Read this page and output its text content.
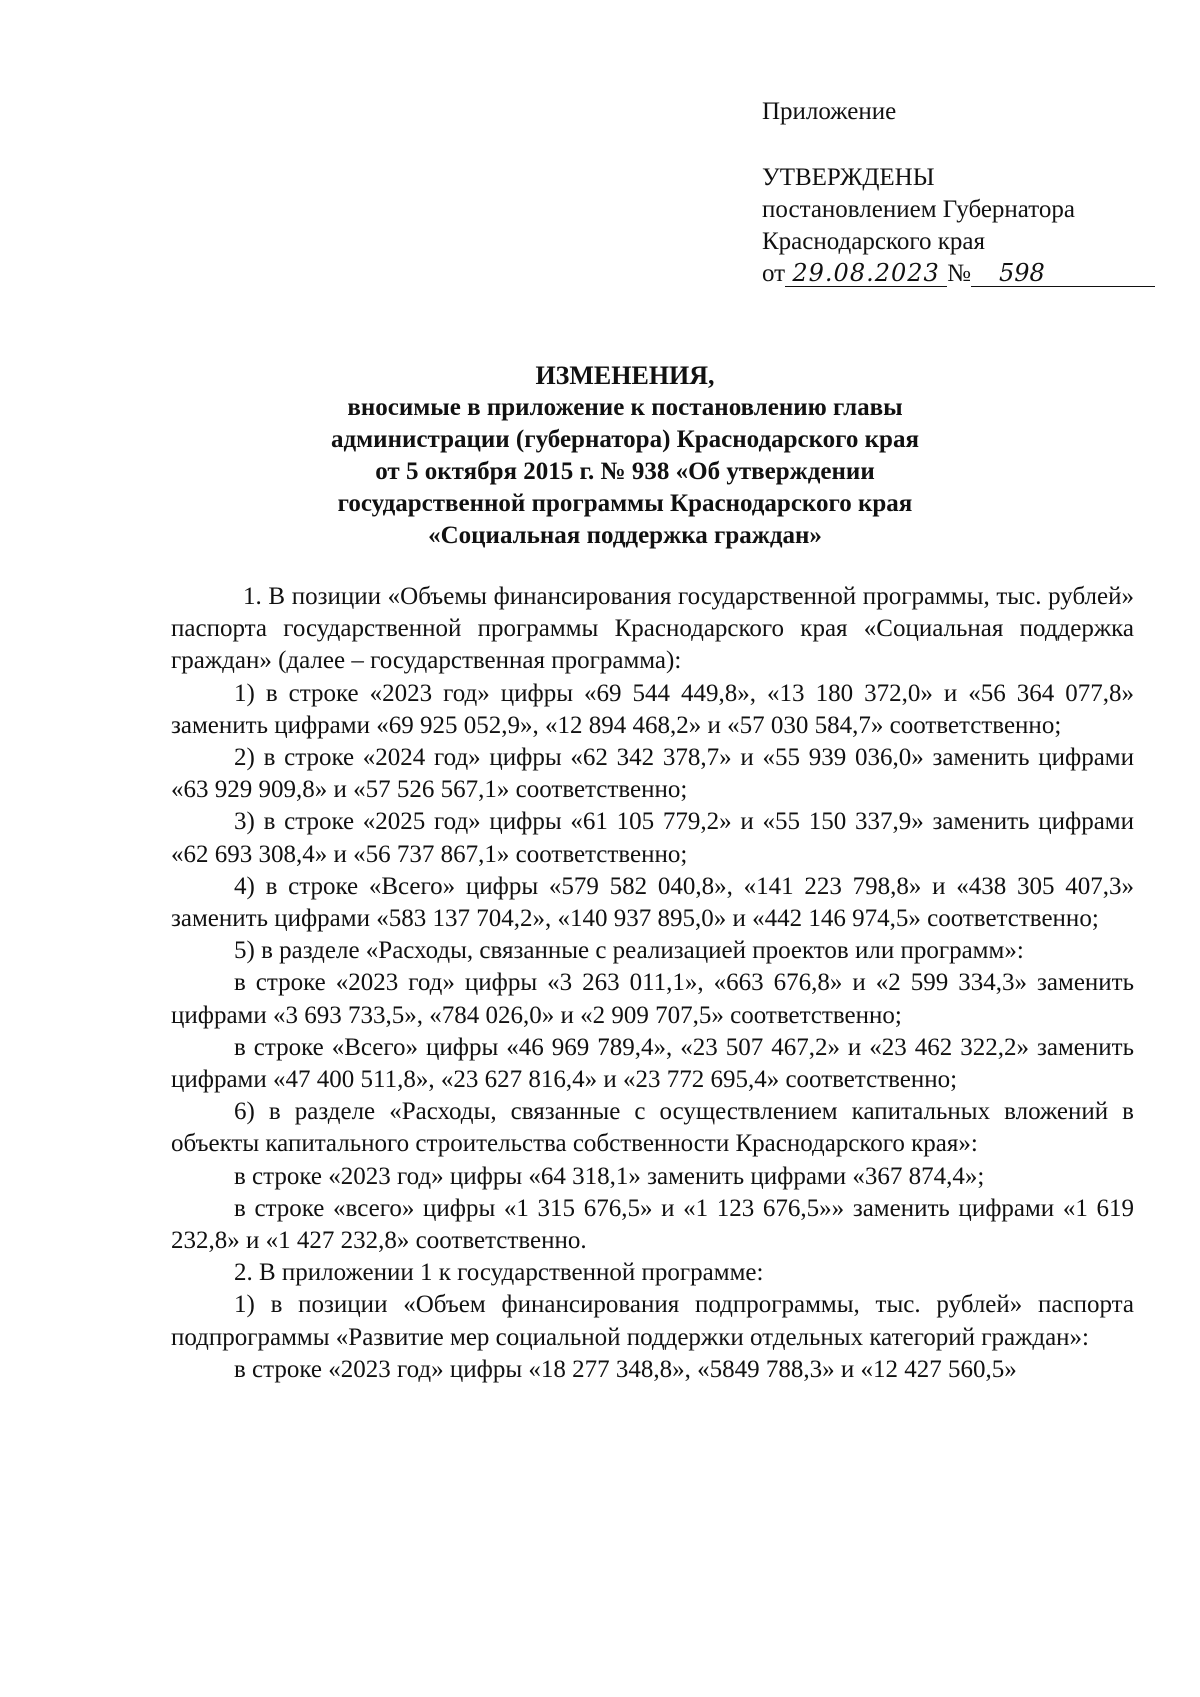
Приложение
УТВЕРЖДЕНЫ
постановлением Губернатора
Краснодарского края
от 29.08.2023 № 598
ИЗМЕНЕНИЯ,
вносимые в приложение к постановлению главы
администрации (губернатора) Краснодарского края
от 5 октября 2015 г. № 938 «Об утверждении
государственной программы Краснодарского края
«Социальная поддержка граждан»

1. В позиции «Объемы финансирования государственной программы, тыс. рублей» паспорта государственной программы Краснодарского края «Социальная поддержка граждан» (далее – государственная программа):

1) в строке «2023 год» цифры «69 544 449,8», «13 180 372,0» и «56 364 077,8» заменить цифрами «69 925 052,9», «12 894 468,2» и «57 030 584,7» соответственно;

2) в строке «2024 год» цифры «62 342 378,7» и «55 939 036,0» заменить цифрами «63 929 909,8» и «57 526 567,1» соответственно;

3) в строке «2025 год» цифры «61 105 779,2» и «55 150 337,9» заменить цифрами «62 693 308,4» и «56 737 867,1» соответственно;

4) в строке «Всего» цифры «579 582 040,8», «141 223 798,8» и «438 305 407,3» заменить цифрами «583 137 704,2», «140 937 895,0» и «442 146 974,5» соответственно;

5) в разделе «Расходы, связанные с реализацией проектов или программ»:

в строке «2023 год» цифры «3 263 011,1», «663 676,8» и «2 599 334,3» заменить цифрами «3 693 733,5», «784 026,0» и «2 909 707,5» соответственно;

в строке «Всего» цифры «46 969 789,4», «23 507 467,2» и «23 462 322,2» заменить цифрами «47 400 511,8», «23 627 816,4» и «23 772 695,4» соответственно;

6) в разделе «Расходы, связанные с осуществлением капитальных вложений в объекты капитального строительства собственности Краснодарского края»:

в строке «2023 год» цифры «64 318,1» заменить цифрами «367 874,4»;

в строке «всего» цифры «1 315 676,5» и «1 123 676,5»» заменить цифрами «1 619 232,8» и «1 427 232,8» соответственно.

2. В приложении 1 к государственной программе:

1) в позиции «Объем финансирования подпрограммы, тыс. рублей» паспорта подпрограммы «Развитие мер социальной поддержки отдельных категорий граждан»:

в строке «2023 год» цифры «18 277 348,8», «5849 788,3» и «12 427 560,5»
